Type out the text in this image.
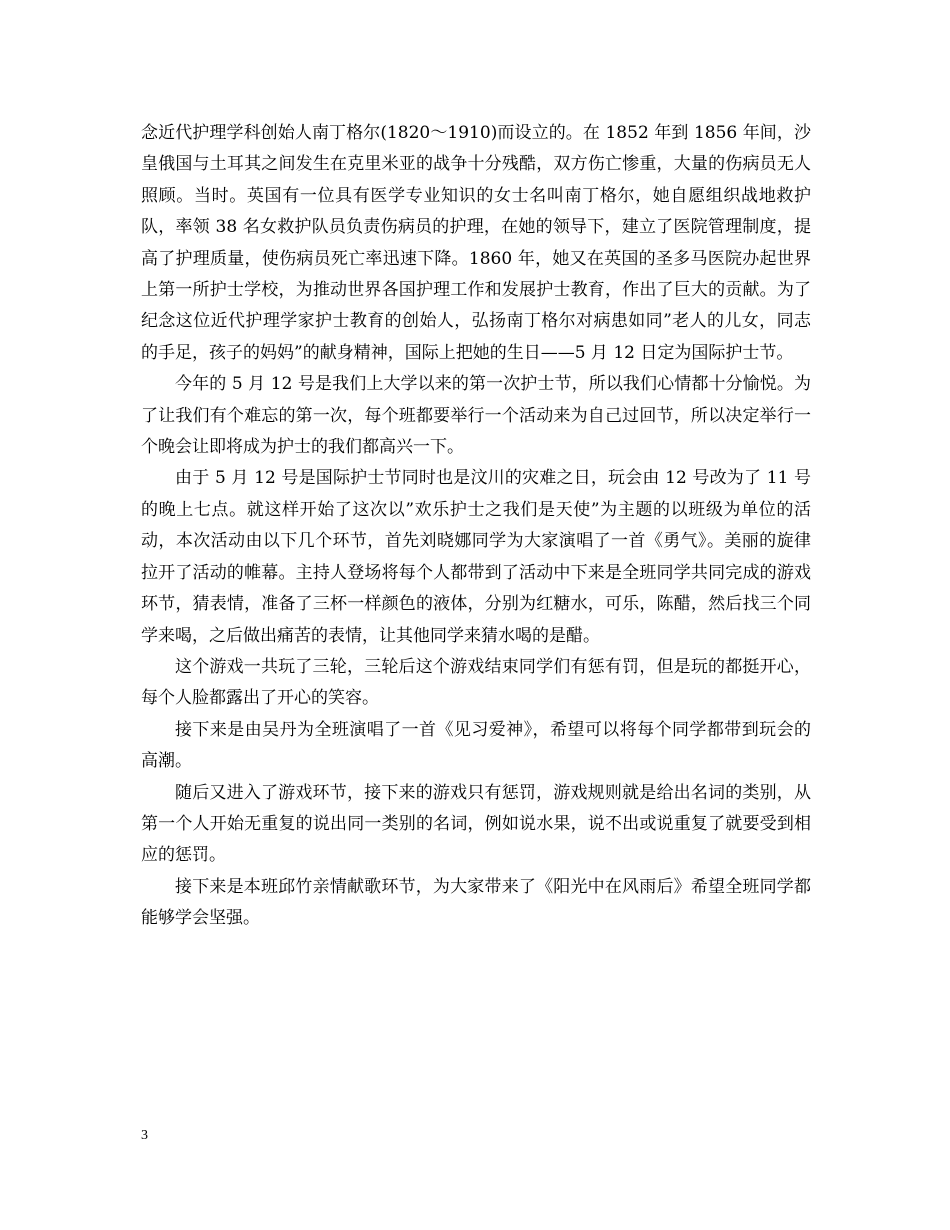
念近代护理学科创始人南丁格尔(1820～1910)而设立的。在 1852 年到 1856 年间，沙皇俄国与土耳其之间发生在克里米亚的战争十分残酷，双方伤亡惨重，大量的伤病员无人照顾。当时。英国有一位具有医学专业知识的女士名叫南丁格尔，她自愿组织战地救护队，率领 38 名女救护队员负责伤病员的护理，在她的领导下，建立了医院管理制度，提高了护理质量，使伤病员死亡率迅速下降。1860 年，她又在英国的圣多马医院办起世界上第一所护士学校，为推动世界各国护理工作和发展护士教育，作出了巨大的贡献。为了纪念这位近代护理学家护士教育的创始人，弘扬南丁格尔对病患如同”老人的儿女，同志的手足，孩子的妈妈”的献身精神，国际上把她的生日——5 月 12 日定为国际护士节。

今年的 5 月 12 号是我们上大学以来的第一次护士节，所以我们心情都十分愉悦。为了让我们有个难忘的第一次，每个班都要举行一个活动来为自己过回节，所以决定举行一个晚会让即将成为护士的我们都高兴一下。

由于 5 月 12 号是国际护士节同时也是汶川的灾难之日，玩会由 12 号改为了 11 号的晚上七点。就这样开始了这次以”欢乐护士之我们是天使”为主题的以班级为单位的活动，本次活动由以下几个环节，首先刘晓娜同学为大家演唱了一首《勇气》。美丽的旋律拉开了活动的帷幕。主持人登场将每个人都带到了活动中下来是全班同学共同完成的游戏环节，猜表情，准备了三杯一样颜色的液体，分别为红糖水，可乐，陈醋，然后找三个同学来喝，之后做出痛苦的表情，让其他同学来猜水喝的是醋。

这个游戏一共玩了三轮，三轮后这个游戏结束同学们有惩有罚，但是玩的都挺开心，每个人脸都露出了开心的笑容。

接下来是由吴丹为全班演唱了一首《见习爱神》，希望可以将每个同学都带到玩会的高潮。

随后又进入了游戏环节，接下来的游戏只有惩罚，游戏规则就是给出名词的类别，从第一个人开始无重复的说出同一类别的名词，例如说水果，说不出或说重复了就要受到相应的惩罚。

接下来是本班邱竹亲情献歌环节，为大家带来了《阳光中在风雨后》希望全班同学都能够学会坚强。

3
